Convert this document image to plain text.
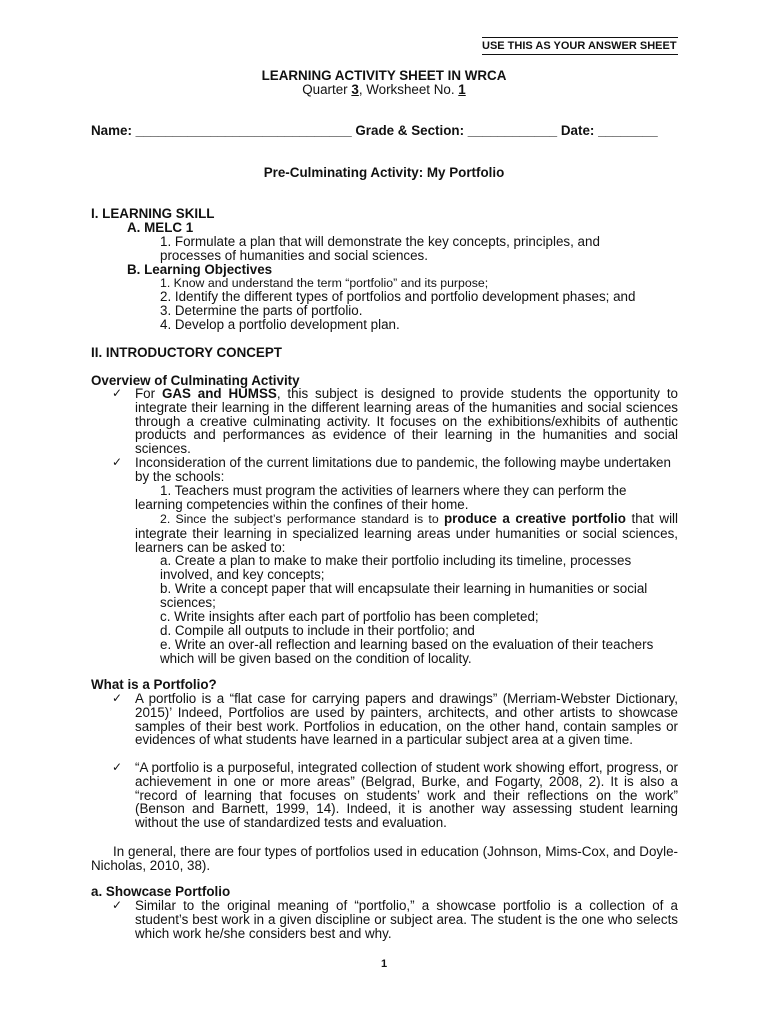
USE THIS AS YOUR ANSWER SHEET
LEARNING ACTIVITY SHEET IN WRCA
Quarter 3, Worksheet No. 1
Name: _____________________________ Grade & Section: ____________ Date: ________
Pre-Culminating Activity: My Portfolio
I. LEARNING SKILL
A. MELC 1
1. Formulate a plan that will demonstrate the key concepts, principles, and
processes of humanities and social sciences.
B. Learning Objectives
1. Know and understand the term “portfolio” and its purpose;
2. Identify the different types of portfolios and portfolio development phases; and
3. Determine the parts of portfolio.
4. Develop a portfolio development plan.
II. INTRODUCTORY CONCEPT
Overview of Culminating Activity
✓ For GAS and HUMSS, this subject is designed to provide students the opportunity to integrate their learning in the different learning areas of the humanities and social sciences through a creative culminating activity. It focuses on the exhibitions/exhibits of authentic products and performances as evidence of their learning in the humanities and social sciences.
✓ Inconsideration of the current limitations due to pandemic, the following maybe undertaken
by the schools:
1. Teachers must program the activities of learners where they can perform the
learning competencies within the confines of their home.
2. Since the subject’s performance standard is to produce a creative portfolio that will integrate their learning in specialized learning areas under humanities or social sciences, learners can be asked to:
a. Create a plan to make to make their portfolio including its timeline, processes
involved, and key concepts;
b. Write a concept paper that will encapsulate their learning in humanities or social
sciences;
c. Write insights after each part of portfolio has been completed;
d. Compile all outputs to include in their portfolio; and
e. Write an over-all reflection and learning based on the evaluation of their teachers
which will be given based on the condition of locality.
What is a Portfolio?
✓ A portfolio is a “flat case for carrying papers and drawings” (Merriam-Webster Dictionary, 2015)’ Indeed, Portfolios are used by painters, architects, and other artists to showcase samples of their best work. Portfolios in education, on the other hand, contain samples or evidences of what students have learned in a particular subject area at a given time.
✓ “A portfolio is a purposeful, integrated collection of student work showing effort, progress, or achievement in one or more areas” (Belgrad, Burke, and Fogarty, 2008, 2). It is also a “record of learning that focuses on students’ work and their reflections on the work” (Benson and Barnett, 1999, 14). Indeed, it is another way assessing student learning without the use of standardized tests and evaluation.
In general, there are four types of portfolios used in education (Johnson, Mims-Cox, and Doyle-Nicholas, 2010, 38).
a. Showcase Portfolio
✓ Similar to the original meaning of “portfolio,” a showcase portfolio is a collection of a student’s best work in a given discipline or subject area. The student is the one who selects which work he/she considers best and why.
1
